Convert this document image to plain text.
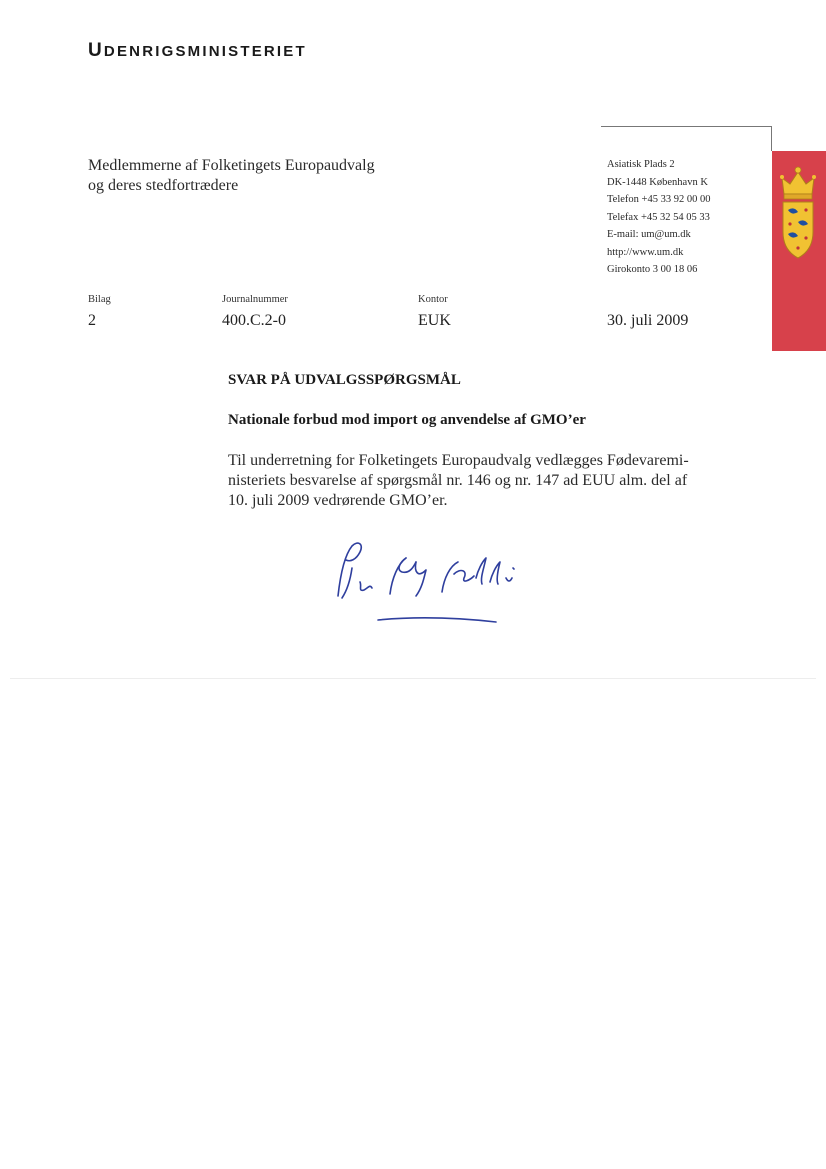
UDENRIGSMINISTERIET
Medlemmerne af Folketingets Europaudvalg
og deres stedfortrædere
Asiatisk Plads 2
DK-1448 København K
Telefon +45 33 92 00 00
Telefax +45 32 54 05 33
E-mail: um@um.dk
http://www.um.dk
Girokonto 3 00 18 06
Bilag
2
Journalnummer
400.C.2-0
Kontor
EUK	30. juli 2009
SVAR PÅ UDVALGSSPØRGSMÅL
Nationale forbud mod import og anvendelse af GMO’er
Til underretning for Folketingets Europaudvalg vedlægges Fødevaremi-
nisteriets besvarelse af spørgsmål nr. 146 og nr. 147 ad EUU alm. del af
10. juli 2009 vedrørende GMO’er.
